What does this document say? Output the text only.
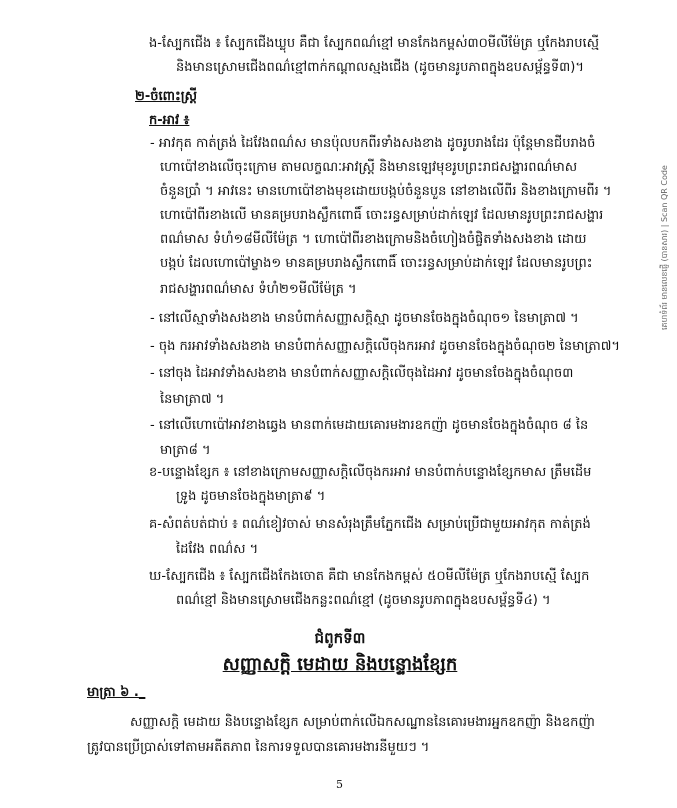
ង-ស្បែកជើង ៖ ស្បែកជើងឃ្លុប គឺជា ស្បែកពណ៌ខ្មៅ មានកែងកម្ពស់៣០មីលីម៉ែត្រ ឬកែងរាបស្មើ

និងមានស្រោមជើងពណ៌ខ្មៅពាក់កណ្តាលស្មងជើង (ដូចមានរូបភាពក្នុងឧបសម្ព័ន្ធទី៣)។

២-ចំពោះស្ត្រី

ក-អាវ ៖

- អាវកុត កាត់ត្រង់ ដៃវែងពណ៌ស មានប៉ុលបកពីរទាំងសងខាង ដូចរូបរាងដែរ ប៉ុន្តែមានជីបរាងចំ

ហោប៉ៅខាងលើចុះក្រោម តាមលក្ខណៈអាវស្ត្រី និងមានឡេវមុខរូបព្រះរាជសង្ហារពណ៌មាស

ចំនួនប្រាំ ។ អាវនេះ មានហោប៉ៅខាងមុខដោយបង្កប់ចំនួនបួន នៅខាងលើពីរ និងខាងក្រោមពីរ ។

ហោប៉ៅពីរខាងលើ មានគម្របរាងស្លឹកពោធិ៍ ចោះរន្ធសម្រាប់ដាក់ឡេវ ដែលមានរូបព្រះរាជសង្ហារ

ពណ៌មាស ទំហំ១៨មីលីម៉ែត្រ ។ ហោប៉ៅពីរខាងក្រោមនិងចំហៀងចំផ្ចិតទាំងសងខាង ដោយ

បង្កប់ ដែលហោប៉ៅម្ខាង១ មានគម្របរាងស្លឹកពោធិ៍ ចោះរន្ធសម្រាប់ដាក់ឡេវ ដែលមានរូបព្រះ

រាជសង្ហារពណ៌មាស ទំហំ២១មីលីម៉ែត្រ ។

- នៅលើស្មាទាំងសងខាង មានបំពាក់សញ្ញាសក្តិស្មា ដូចមានចែងក្នុងចំណុច១ នៃមាត្រា៧ ។

- ចុង ករអាវទាំងសងខាង មានបំពាក់សញ្ញាសក្តិលើចុងករអាវ ដូចមានចែងក្នុងចំណុច២ នៃមាត្រា៧។

- នៅចុង ដៃអាវទាំងសងខាង មានបំពាក់សញ្ញាសក្តិលើចុងដៃអាវ ដូចមានចែងក្នុងចំណុច៣

នៃមាត្រា៧ ។

- នៅលើហោប៉ៅអាវខាងឆ្វេង មានពាក់មេដាយគោរមងារឧកញ៉ា ដូចមានចែងក្នុងចំណុច ៨ នៃ

មាត្រា៨ ។

ខ-បន្ទោងខ្សែក ៖ នៅខាងក្រោមសញ្ញាសក្តិលើចុងករអាវ មានបំពាក់បន្ទោងខ្សែកមាស ត្រឹមដើម

ទ្រូង ដូចមានចែងក្នុងមាត្រា៩ ។

គ-សំពត់បត់ជាប់ ៖ ពណ៌ខៀវចាស់ មានសំរុងត្រឹមភ្នែកជើង សម្រាប់ប្រើជាមួយអាវកុត កាត់ត្រង់

ដៃវែង ពណ៌ស ។

ឃ-ស្បែកជើង ៖ ស្បែកជើងកែងចោត គឺជា មានកែងកម្ពស់ ៥០មីលីម៉ែត្រ ឬកែងរាបស្មើ ស្បែក

ពណ៌ខ្មៅ និងមានស្រោមជើងកន្លះពណ៌ខ្មៅ (ដូចមានរូបភាពក្នុងឧបសម្ព័ន្ធទី៤) ។

ជំពូកទី៣

សញ្ញាសក្តិ មេដាយ និងបន្ទោងខ្សែក

មាត្រា ៦ ._

សញ្ញាសក្តិ មេដាយ និងបន្ទោងខ្សែក សម្រាប់ពាក់លើឯកសណ្ឋាននៃគោរមងារអ្នកឧកញ៉ា និងឧកញ៉ា

ត្រូវបានប្រើប្រាស់ទៅតាមអតីតភាព នៃការទទួលបានគោរមងារនីមួយៗ ។

5
គេហទំព័រ មានលេខផ្ញើ​ (បានសារ) | Scan QR Code
